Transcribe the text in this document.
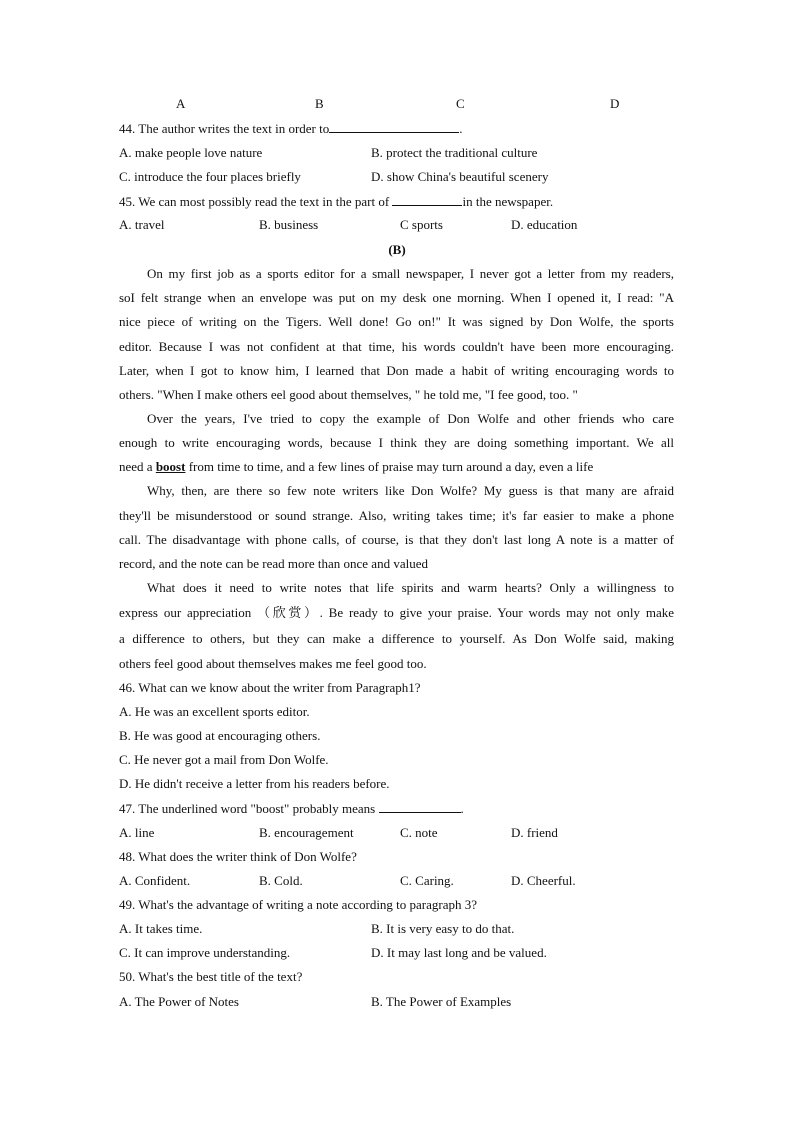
A	B	C	D
44. The author writes the text in order to	.
A. make people love nature	B. protect the traditional culture
C. introduce the four places briefly	D. show China's beautiful scenery
45. We can most possibly read the text in the part of	in the newspaper.
A. travel	B. business	C sports	D. education
(B)
On my first job as a sports editor for a small newspaper, I never got a letter from my readers,
soI felt strange when an envelope was put on my desk one morning. When I opened it, I read: "A
nice piece of writing on the Tigers. Well done! Go on!" It was signed by Don Wolfe, the sports
editor. Because I was not confident at that time, his words couldn't have been more encouraging.
Later, when I got to know him, I learned that Don made a habit of writing encouraging words to
others. "When I make others eel good about themselves, " he told me, "I fee good, too. "
Over the years, I've tried to copy the example of Don Wolfe and other friends who care
enough to write encouraging words, because I think they are doing something important. We all
need a boost from time to time, and a few lines of praise may turn around a day, even a life
Why, then, are there so few note writers like Don Wolfe? My guess is that many are afraid
they'll be misunderstood or sound strange. Also, writing takes time; it's far easier to make a phone
call. The disadvantage with phone calls, of course, is that they don't last long A note is a matter of
record, and the note can be read more than once and valued
What does it need to write notes that life spirits and warm hearts? Only a willingness to
express our appreciation （欣赏）. Be ready to give your praise. Your words may not only make
a difference to others, but they can make a difference to yourself. As Don Wolfe said, making
others feel good about themselves makes me feel good too.
46. What can we know about the writer from Paragraph1?
A. He was an excellent sports editor.
B. He was good at encouraging others.
C. He never got a mail from Don Wolfe.
D. He didn't receive a letter from his readers before.
47. The underlined word "boost" probably means	.
A. line	B. encouragement	C. note	D. friend
48. What does the writer think of Don Wolfe?
A. Confident.	B. Cold.	C. Caring.	D. Cheerful.
49. What's the advantage of writing a note according to paragraph 3?
A. It takes time.	B. It is very easy to do that.
C. It can improve understanding.	D. It may last long and be valued.
50. What's the best title of the text?
A. The Power of Notes	B. The Power of Examples
